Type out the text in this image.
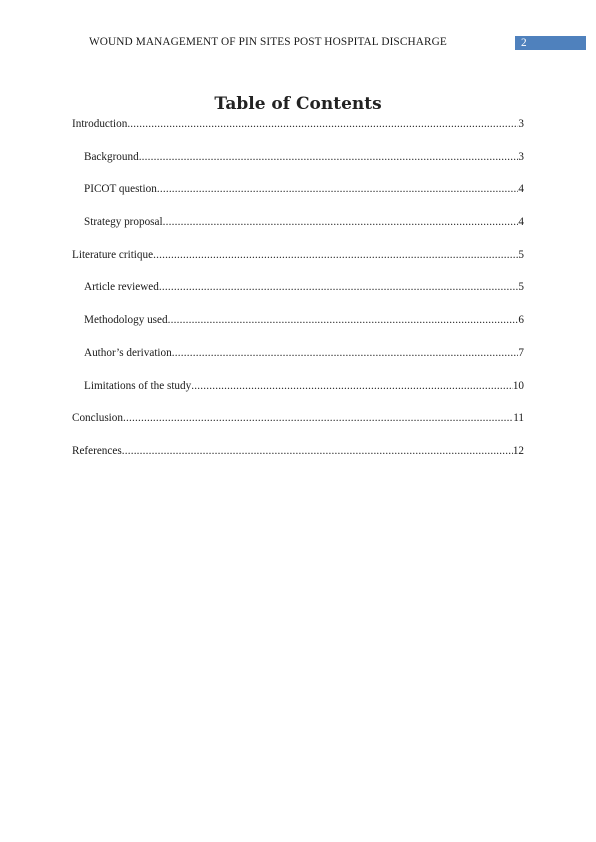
WOUND MANAGEMENT OF PIN SITES POST HOSPITAL DISCHARGE	2
Table of Contents
Introduction .....	3
Background .....	3
PICOT question .....	4
Strategy proposal .....	4
Literature critique .....	5
Article reviewed .....	5
Methodology used .....	6
Author’s derivation .....	7
Limitations of the study .....	10
Conclusion .....	11
References .....	12
